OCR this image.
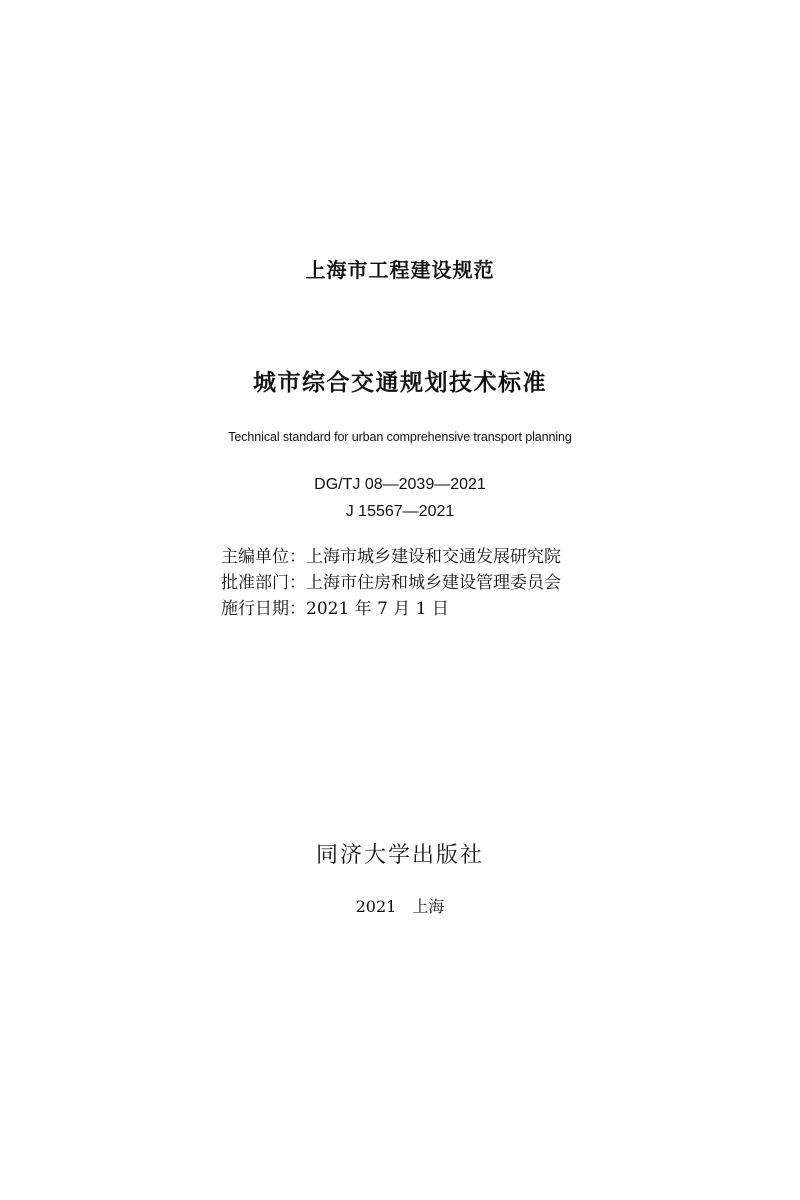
上海市工程建设规范
城市综合交通规划技术标准
Technical standard for urban comprehensive transport planning
DG/TJ 08—2039—2021
J 15567—2021
主编单位：上海市城乡建设和交通发展研究院
批准部门：上海市住房和城乡建设管理委员会
施行日期：2021 年 7 月 1 日
同济大学出版社
2021 上海
